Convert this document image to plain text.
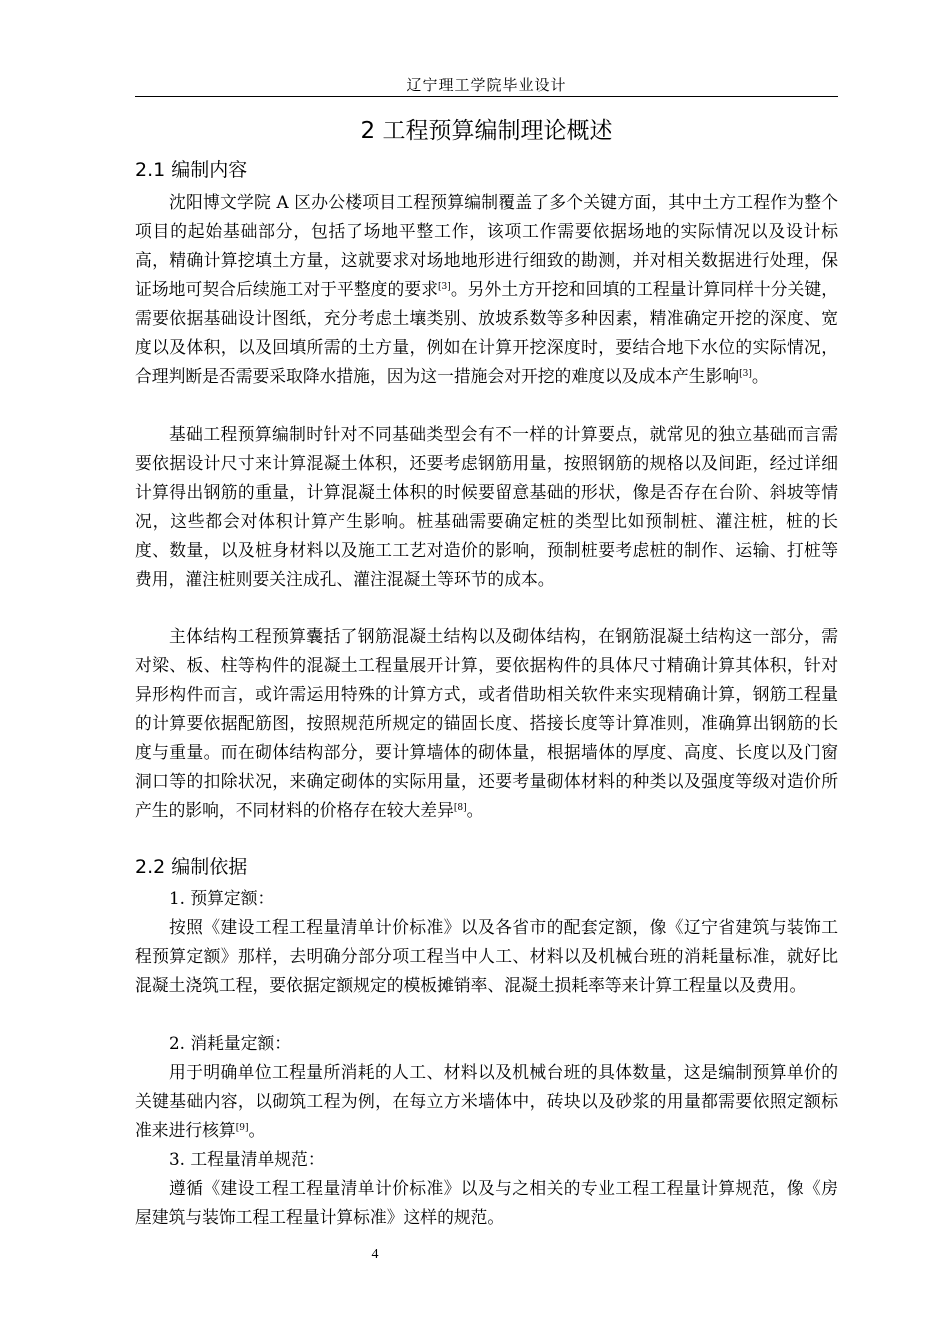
辽宁理工学院毕业设计
2 工程预算编制理论概述
2.1 编制内容

沈阳博文学院 A 区办公楼项目工程预算编制覆盖了多个关键方面，其中土方工程作为整个项目的起始基础部分，包括了场地平整工作，该项工作需要依据场地的实际情况以及设计标高，精确计算挖填土方量，这就要求对场地地形进行细致的勘测，并对相关数据进行处理，保证场地可契合后续施工对于平整度的要求[3]。另外土方开挖和回填的工程量计算同样十分关键，需要依据基础设计图纸，充分考虑土壤类别、放坡系数等多种因素，精准确定开挖的深度、宽度以及体积，以及回填所需的土方量，例如在计算开挖深度时，要结合地下水位的实际情况，合理判断是否需要采取降水措施，因为这一措施会对开挖的难度以及成本产生影响[3]。

基础工程预算编制时针对不同基础类型会有不一样的计算要点，就常见的独立基础而言需要依据设计尺寸来计算混凝土体积，还要考虑钢筋用量，按照钢筋的规格以及间距，经过详细计算得出钢筋的重量，计算混凝土体积的时候要留意基础的形状，像是否存在台阶、斜坡等情况，这些都会对体积计算产生影响。桩基础需要确定桩的类型比如预制桩、灌注桩，桩的长度、数量，以及桩身材料以及施工工艺对造价的影响，预制桩要考虑桩的制作、运输、打桩等费用，灌注桩则要关注成孔、灌注混凝土等环节的成本。

主体结构工程预算囊括了钢筋混凝土结构以及砌体结构，在钢筋混凝土结构这一部分，需对梁、板、柱等构件的混凝土工程量展开计算，要依据构件的具体尺寸精确计算其体积，针对异形构件而言，或许需运用特殊的计算方式，或者借助相关软件来实现精确计算，钢筋工程量的计算要依据配筋图，按照规范所规定的锚固长度、搭接长度等计算准则，准确算出钢筋的长度与重量。而在砌体结构部分，要计算墙体的砌体量，根据墙体的厚度、高度、长度以及门窗洞口等的扣除状况，来确定砌体的实际用量，还要考量砌体材料的种类以及强度等级对造价所产生的影响，不同材料的价格存在较大差异[8]。

2.2 编制依据
1. 预算定额：

按照《建设工程工程量清单计价标准》以及各省市的配套定额，像《辽宁省建筑与装饰工程预算定额》那样，去明确分部分项工程当中人工、材料以及机械台班的消耗量标准，就好比混凝土浇筑工程，要依据定额规定的模板摊销率、混凝土损耗率等来计算工程量以及费用。

2. 消耗量定额：

用于明确单位工程量所消耗的人工、材料以及机械台班的具体数量，这是编制预算单价的关键基础内容，以砌筑工程为例，在每立方米墙体中，砖块以及砂浆的用量都需要依照定额标准来进行核算[9]。

3. 工程量清单规范：

遵循《建设工程工程量清单计价标准》以及与之相关的专业工程工程量计算规范，像《房屋建筑与装饰工程工程量计算标准》这样的规范。

4
